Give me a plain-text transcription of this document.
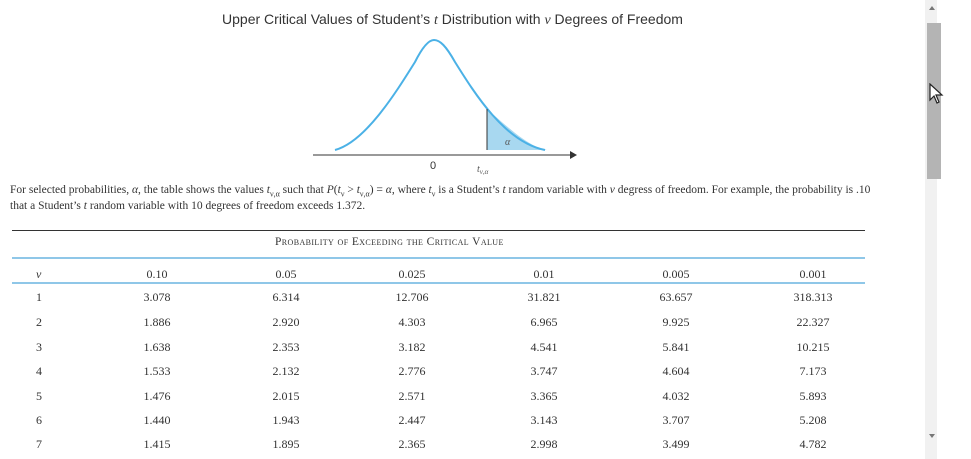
Upper Critical Values of Student’s t Distribution with ν Degrees of Freedom
α
0	$t_{\nu,\alpha}$
For selected probabilities, α, the table shows the values $t_{\nu,\alpha}$ such that $P(t_\nu > t_{\nu,\alpha}) = \alpha$, where $t_\nu$ is a Student’s t random variable with ν degress of freedom. For example, the probability is .10 that a Student’s t random variable with 10 degrees of freedom exceeds 1.372.
Probability of Exceeding the Critical Value
ν	0.10	0.05	0.025	0.01	0.005	0.001
1	3.078	6.314	12.706	31.821	63.657	318.313
2	1.886	2.920	4.303	6.965	9.925	22.327
3	1.638	2.353	3.182	4.541	5.841	10.215
4	1.533	2.132	2.776	3.747	4.604	7.173
5	1.476	2.015	2.571	3.365	4.032	5.893
6	1.440	1.943	2.447	3.143	3.707	5.208
7	1.415	1.895	2.365	2.998	3.499	4.782
